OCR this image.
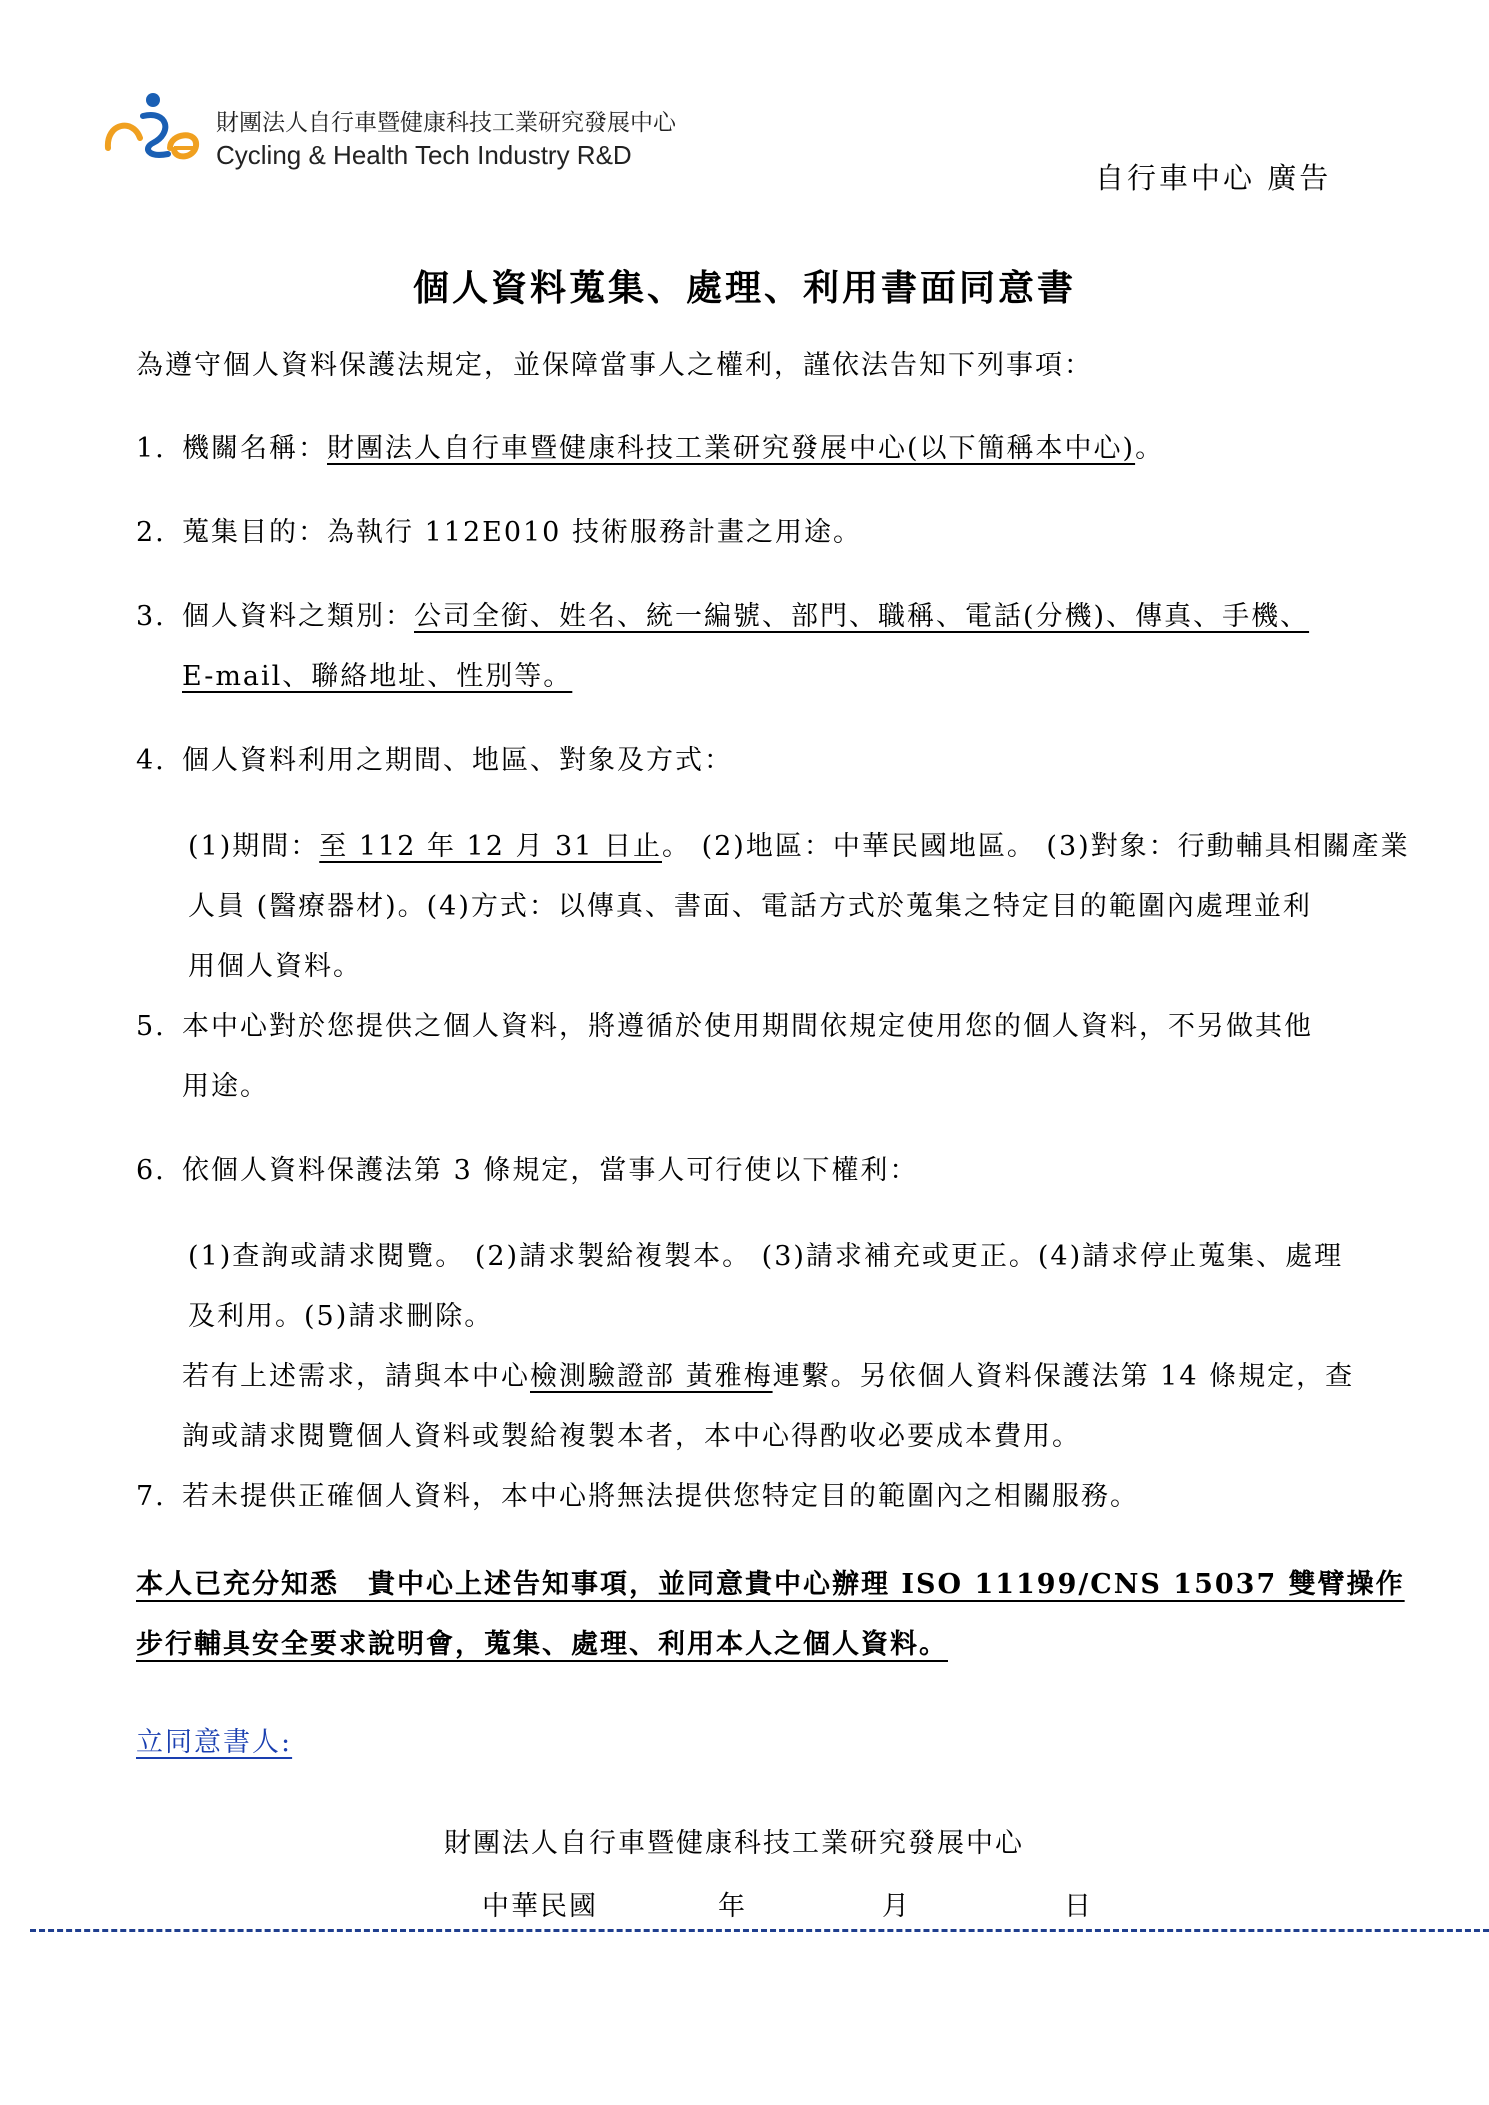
財團法人自行車暨健康科技工業研究發展中心
Cycling & Health Tech Industry R&D
自行車中心 廣告
個人資料蒐集、處理、利用書面同意書
為遵守個人資料保護法規定，並保障當事人之權利，謹依法告知下列事項：
1. 機關名稱：財團法人自行車暨健康科技工業研究發展中心(以下簡稱本中心)。
2. 蒐集目的：為執行 112E010 技術服務計畫之用途。
3. 個人資料之類別：公司全銜、姓名、統一編號、部門、職稱、電話(分機)、傳真、手機、
E-mail、聯絡地址、性別等。
4. 個人資料利用之期間、地區、對象及方式：
(1)期間：至 112 年 12 月 31 日止。 (2)地區：中華民國地區。 (3)對象：行動輔具相關產業
人員 (醫療器材)。(4)方式：以傳真、書面、電話方式於蒐集之特定目的範圍內處理並利
用個人資料。
5. 本中心對於您提供之個人資料，將遵循於使用期間依規定使用您的個人資料，不另做其他
用途。
6. 依個人資料保護法第 3 條規定，當事人可行使以下權利：
(1)查詢或請求閱覽。 (2)請求製給複製本。 (3)請求補充或更正。(4)請求停止蒐集、處理
及利用。(5)請求刪除。
若有上述需求，請與本中心檢測驗證部 黃雅梅連繫。另依個人資料保護法第 14 條規定，查
詢或請求閱覽個人資料或製給複製本者，本中心得酌收必要成本費用。
7. 若未提供正確個人資料，本中心將無法提供您特定目的範圍內之相關服務。
本人已充分知悉　貴中心上述告知事項，並同意貴中心辦理 ISO 11199/CNS 15037 雙臂操作
步行輔具安全要求說明會，蒐集、處理、利用本人之個人資料。
立同意書人:
財團法人自行車暨健康科技工業研究發展中心
中華民國	年	月	日
